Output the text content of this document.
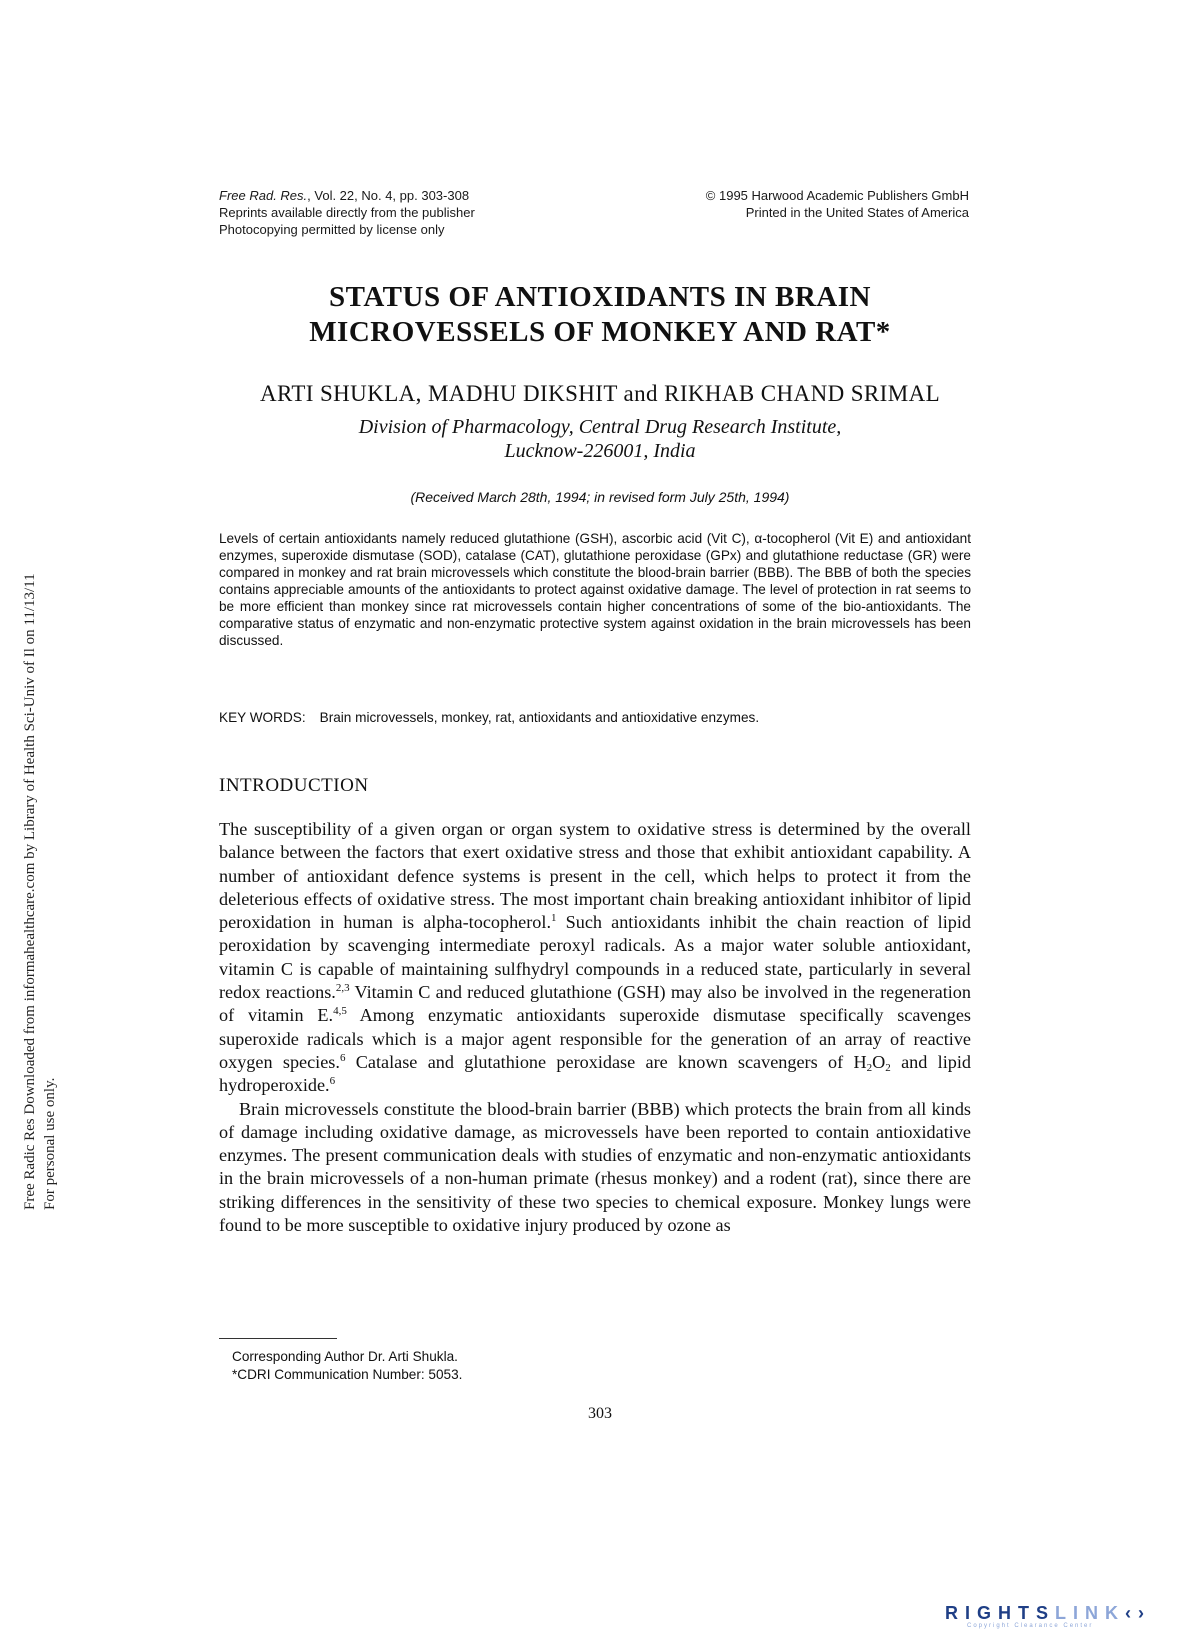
Free Radic Res Downloaded from informahealthcare.com by Library of Health Sci-Univ of Il on 11/13/11 For personal use only.
Free Rad. Res., Vol. 22, No. 4, pp. 303-308
Reprints available directly from the publisher
Photocopying permitted by license only
© 1995 Harwood Academic Publishers GmbH
Printed in the United States of America
STATUS OF ANTIOXIDANTS IN BRAIN
MICROVESSELS OF MONKEY AND RAT*
ARTI SHUKLA, MADHU DIKSHIT and RIKHAB CHAND SRIMAL
Division of Pharmacology, Central Drug Research Institute,
Lucknow-226001, India
(Received March 28th, 1994; in revised form July 25th, 1994)
Levels of certain antioxidants namely reduced glutathione (GSH), ascorbic acid (Vit C), α-tocopherol (Vit E) and antioxidant enzymes, superoxide dismutase (SOD), catalase (CAT), glutathione peroxidase (GPx) and glutathione reductase (GR) were compared in monkey and rat brain microvessels which constitute the blood-brain barrier (BBB). The BBB of both the species contains appreciable amounts of the antioxidants to protect against oxidative damage. The level of protection in rat seems to be more efficient than monkey since rat microvessels contain higher concentrations of some of the bio-antioxidants. The comparative status of enzymatic and non-enzymatic protective system against oxidation in the brain microvessels has been discussed.
KEY WORDS: Brain microvessels, monkey, rat, antioxidants and antioxidative enzymes.
INTRODUCTION

The susceptibility of a given organ or organ system to oxidative stress is determined by the overall balance between the factors that exert oxidative stress and those that exhibit antioxidant capability. A number of antioxidant defence systems is present in the cell, which helps to protect it from the deleterious effects of oxidative stress. The most important chain breaking antioxidant inhibitor of lipid peroxidation in human is alpha-tocopherol.$^1$ Such antioxidants inhibit the chain reaction of lipid peroxidation by scavenging intermediate peroxyl radicals. As a major water soluble antioxidant, vitamin C is capable of maintaining sulfhydryl compounds in a reduced state, particularly in several redox reactions.$^{2,3}$ Vitamin C and reduced glutathione (GSH) may also be involved in the regeneration of vitamin E.$^{4,5}$ Among enzymatic antioxidants superoxide dismutase specifically scavenges superoxide radicals which is a major agent responsible for the generation of an array of reactive oxygen species.$^6$ Catalase and glutathione peroxidase are known scavengers of $H_2O_2$ and lipid hydroperoxide.$^6$

Brain microvessels constitute the blood-brain barrier (BBB) which protects the brain from all kinds of damage including oxidative damage, as microvessels have been reported to contain antioxidative enzymes. The present communication deals with studies of enzymatic and non-enzymatic antioxidants in the brain microvessels of a non-human primate (rhesus monkey) and a rodent (rat), since there are striking differences in the sensitivity of these two species to chemical exposure. Monkey lungs were found to be more susceptible to oxidative injury produced by ozone as

Corresponding Author Dr. Arti Shukla.
*CDRI Communication Number: 5053.
303
RIGHTSLINK‹›
Copyright Clearance Center
